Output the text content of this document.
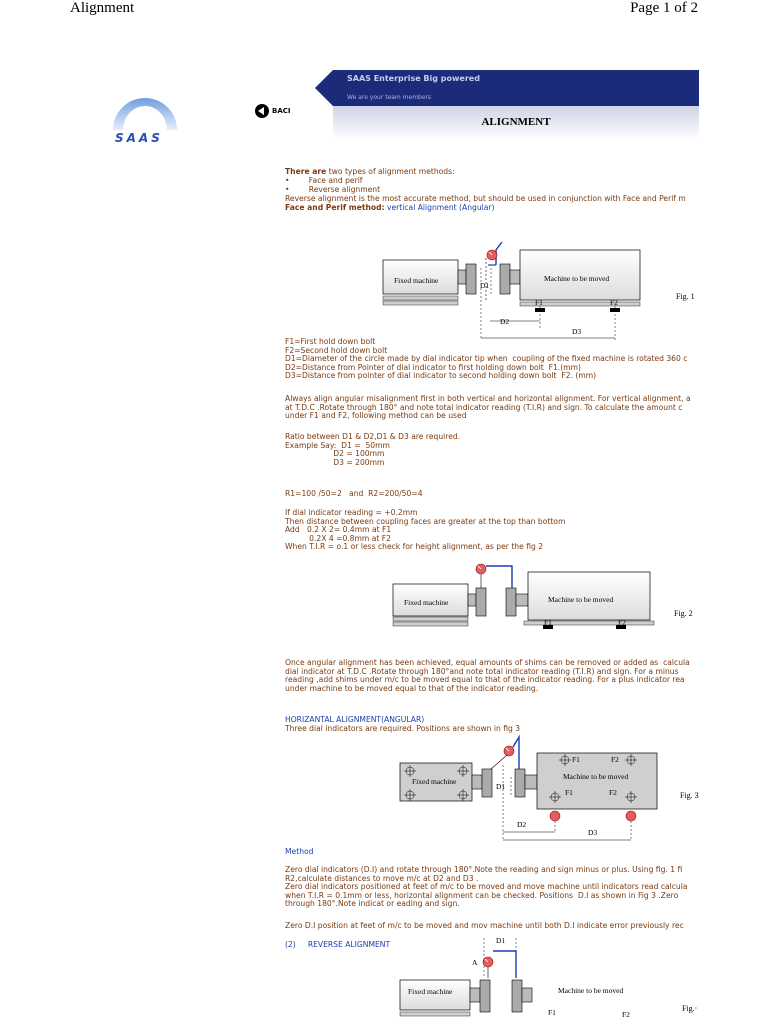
Alignment	Page 1 of 2
SAAS
BACI
SAAS Enterprise Big powered
We are your team members
ALIGNMENT
There are two types of alignment methods:
•        Face and perif
•        Reverse alignment
Reverse alignment is the most accurate method, but should be used in conjunction with Face and Perif m
Face and Perif method: vertical Alignment (Angular)
Fixed machine	Machine to be moved
D1
D2
D3
F1	F2
Fig. 1
F1=First hold down bolt
F2=Second hold down bolt
D1=Diameter of the circle made by dial indicator tip when  coupling of the fixed machine is rotated 360 c
D2=Distance from Pointer of dial indicator to first holding down bolt  F1.(mm)
D3=Distance from pointer of dial indicator to second holding down bolt  F2. (mm)
Always align angular misalignment first in both vertical and horizontal alignment. For vertical alignment, a
at T.D.C .Rotate through 180° and note total indicator reading (T.I.R) and sign. To calculate the amount c
under F1 and F2, following method can be used
Ratio between D1 & D2,D1 & D3 are required.
Example Say:  D1 =  50mm
D2 = 100mm
D3 = 200mm
R1=100 /50=2   and  R2=200/50=4
If dial indicator reading = +0.2mm
Then distance between coupling faces are greater at the top than bottom
Add   0.2 X 2= 0.4mm at F1
0.2X 4 =0.8mm at F2
When T.I.R = o.1 or less check for height alignment, as per the fig 2
Fixed machine	Machine to be moved
F1	F2
Fig. 2
Once angular alignment has been achieved, equal amounts of shims can be removed or added as  calcula
dial indicator at T.D.C .Rotate through 180°and note total indicator reading (T.I.R) and sign. For a minus
reading ,add shims under m/c to be moved equal to that of the indicator reading. For a plus indicator rea
under machine to be moved equal to that of the indicator reading.
HORIZANTAL ALIGNMENT(ANGULAR)
Three dial indicators are required. Positions are shown in fig 3
Fixed machine
Machine to be moved
D1
D2
D3
F1	F2
F1	F2	Fig. 3
Method
Zero dial indicators (D.I) and rotate through 180°.Note the reading and sign minus or plus. Using fig. 1 fi
R2,calculate distances to move m/c at D2 and D3 .
Zero dial indicators positioned at feet of m/c to be moved and move machine until indicators read calcula
when T.I.R = 0.1mm or less, horizontal alignment can be checked. Positions  D.I as shown in Fig 3 .Zero
through 180°.Note indicat or eading and sign.
Zero D.I position at feet of m/c to be moved and mov machine until both D.I indicate error previously rec
(2) REVERSE ALIGNMENT	D1
A
Fixed machine	Machine to be moved
F1	F2
Fig.·
